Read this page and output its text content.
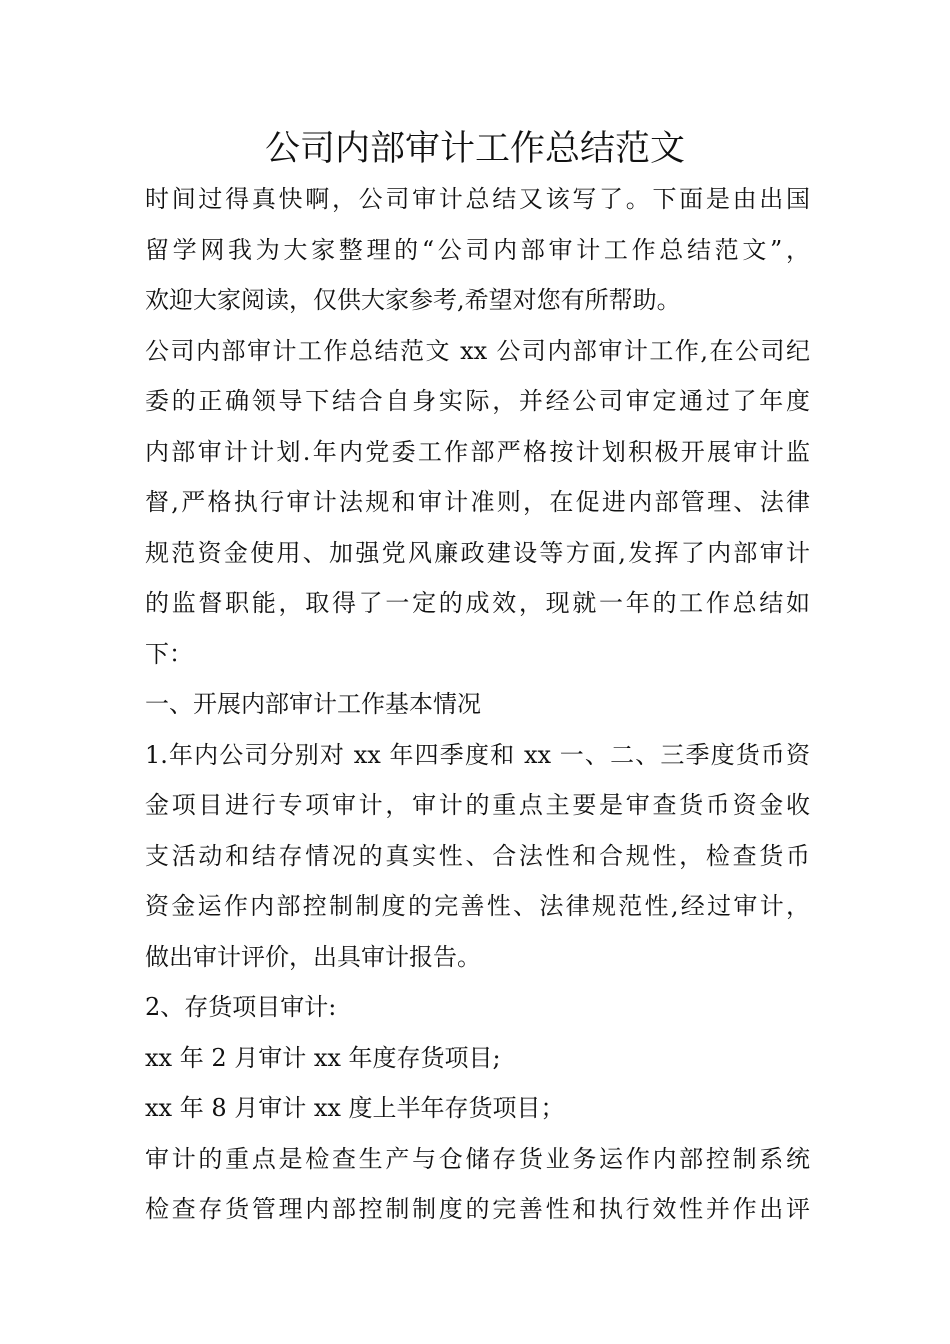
公司内部审计工作总结范文
时间过得真快啊，公司审计总结又该写了。下面是由出国
留学网我为大家整理的“公司内部审计工作总结范文”，
欢迎大家阅读，仅供大家参考,希望对您有所帮助。
公司内部审计工作总结范文 xx 公司内部审计工作,在公司纪
委的正确领导下结合自身实际，并经公司审定通过了年度
内部审计计划.年内党委工作部严格按计划积极开展审计监
督,严格执行审计法规和审计准则，在促进内部管理、法律
规范资金使用、加强党风廉政建设等方面,发挥了内部审计
的监督职能，取得了一定的成效，现就一年的工作总结如
下：
一、开展内部审计工作基本情况
1.年内公司分别对 xx 年四季度和 xx 一、二、三季度货币资
金项目进行专项审计，审计的重点主要是审查货币资金收
支活动和结存情况的真实性、合法性和合规性，检查货币
资金运作内部控制制度的完善性、法律规范性,经过审计，
做出审计评价，出具审计报告。
2、存货项目审计:
xx 年 2 月审计 xx 年度存货项目;
xx 年 8 月审计 xx 度上半年存货项目；
审计的重点是检查生产与仓储存货业务运作内部控制系统
检查存货管理内部控制制度的完善性和执行效性并作出评
